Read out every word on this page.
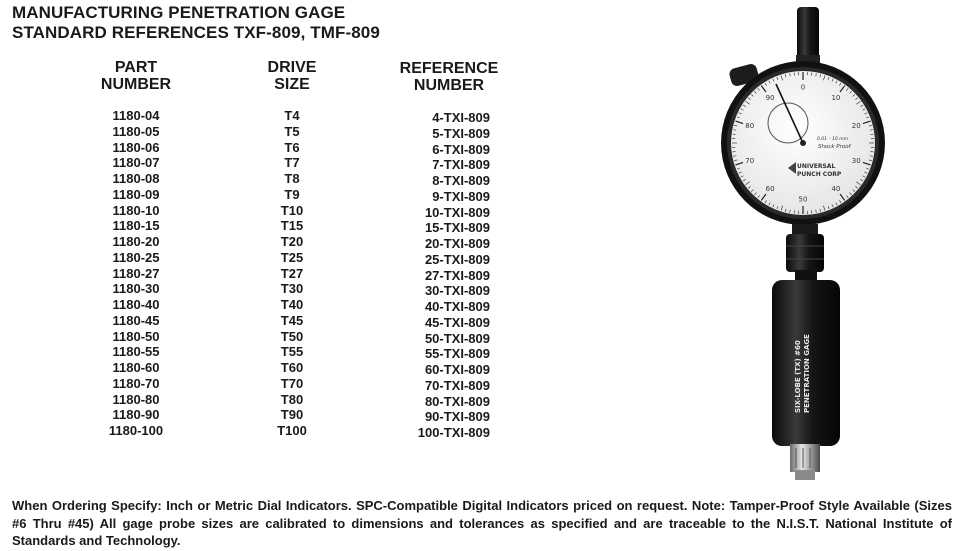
MANUFACTURING PENETRATION GAGE
STANDARD REFERENCES TXF-809, TMF-809
PART
NUMBER
DRIVE
SIZE
REFERENCE
NUMBER
1180-04
1180-05
1180-06
1180-07
1180-08
1180-09
1180-10
1180-15
1180-20
1180-25
1180-27
1180-30
1180-40
1180-45
1180-50
1180-55
1180-60
1180-70
1180-80
1180-90
1180-100
T4
T5
T6
T7
T8
T9
T10
T15
T20
T25
T27
T30
T40
T45
T50
T55
T60
T70
T80
T90
T100
4-TXI-809
5-TXI-809
6-TXI-809
7-TXI-809
8-TXI-809
9-TXI-809
10-TXI-809
15-TXI-809
20-TXI-809
25-TXI-809
27-TXI-809
30-TXI-809
40-TXI-809
45-TXI-809
50-TXI-809
55-TXI-809
60-TXI-809
70-TXI-809
80-TXI-809
90-TXI-809
100-TXI-809
0
10
20
30
40
50
60
70
80
90
0.01 – 10 mm
Shock Proof
UNIVERSAL
PUNCH CORP
SIX-LOBE (TX) #60 PENETRATION GAGE
When Ordering Specify: Inch or Metric Dial Indicators. SPC-Compatible Digital Indicators priced on request. Note: Tamper-Proof Style Available (Sizes #6 Thru #45) All gage probe sizes are calibrated to dimensions and tolerances as specified and are traceable to the N.I.S.T. National Institute of Standards and Technology.
